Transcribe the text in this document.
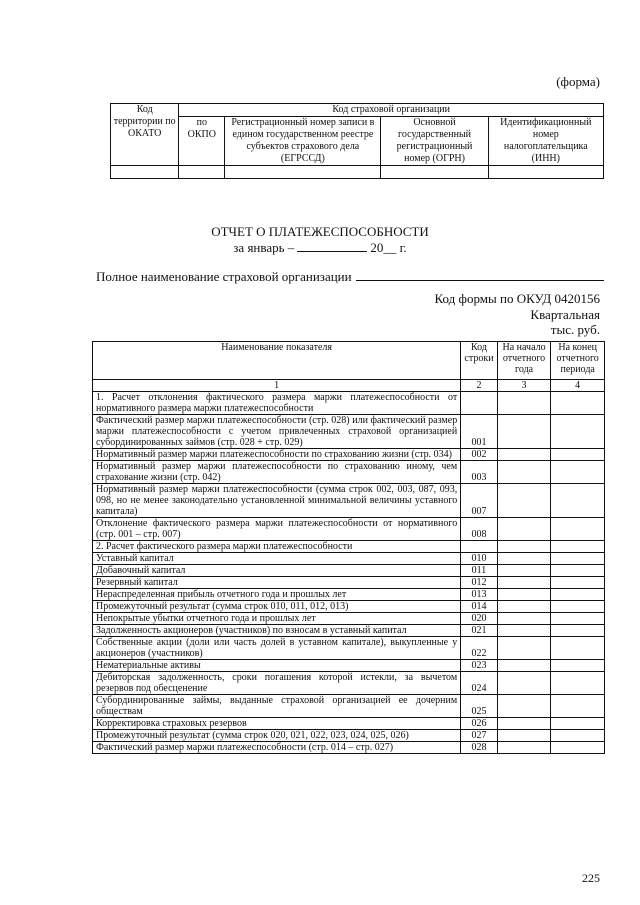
(форма)
Код территории по ОКАТО	Код страховой организации			
	по ОКПО	Регистрационный номер записи в едином государственном реестре субъектов страхового дела (ЕГРССД)	Основной государственный регистрационный номер (ОГРН)	Идентификационный номер налогоплательщика (ИНН)

ОТЧЕТ О ПЛАТЕЖЕСПОСОБНОСТИ
за январь –	20__ г.
Полное наименование страховой организации
Код формы по ОКУД 0420156
Квартальная
тыс. руб.
Наименование показателя	Код строки	На начало отчетного года	На конец отчетного периода
1	2	3	4
1. Расчет отклонения фактического размера маржи платежеспособности от нормативного размера маржи платежеспособности			
Фактический размер маржи платежеспособности (стр. 028) или фактический размер маржи платежеспособности с учетом привлеченных страховой организацией субординированных займов (стр. 028 + стр. 029)	001		
Нормативный размер маржи платежеспособности по страхованию жизни (стр. 034)	002		
Нормативный размер маржи платежеспособности по страхованию иному, чем страхование жизни (стр. 042)	003		
Нормативный размер маржи платежеспособности (сумма строк 002, 003, 087, 093, 098, но не менее законодательно установленной минимальной величины уставного капитала)	007		
Отклонение фактического размера маржи платежеспособности от нормативного (стр. 001 – стр. 007)	008		
2. Расчет фактического размера маржи платежеспособности			
Уставный капитал	010		
Добавочный капитал	011		
Резервный капитал	012		
Нераспределенная прибыль отчетного года и прошлых лет	013		
Промежуточный результат (сумма строк 010, 011, 012, 013)	014		
Непокрытые убытки отчетного года и прошлых лет	020		
Задолженность акционеров (участников) по взносам в уставный капитал	021		
Собственные акции (доли или часть долей в уставном капитале), выкупленные у акционеров (участников)	022		
Нематериальные активы	023		
Дебиторская задолженность, сроки погашения которой истекли, за вычетом резервов под обесценение	024		
Субординированные займы, выданные страховой организацией ее дочерним обществам	025		
Корректировка страховых резервов	026		
Промежуточный результат (сумма строк 020, 021, 022, 023, 024, 025, 026)	027		
Фактический размер маржи платежеспособности (стр. 014 – стр. 027)	028		
225
